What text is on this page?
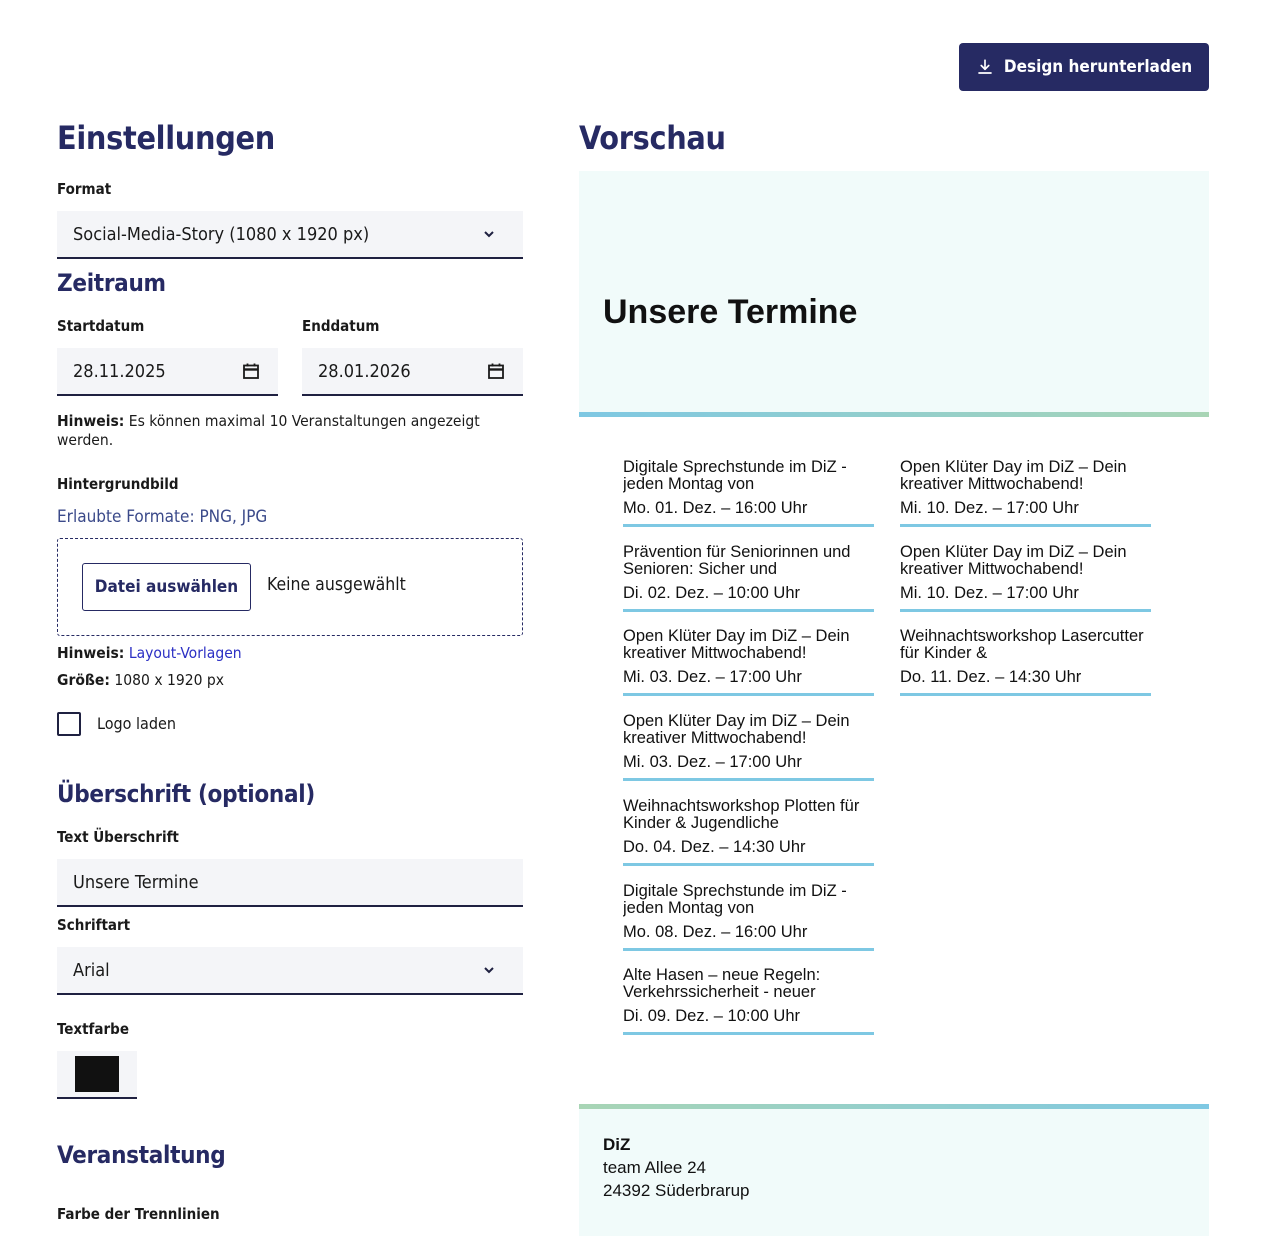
Design herunterladen
Einstellungen
Format
Social-Media-Story (1080 x 1920 px)
Zeitraum
Startdatum
28.11.2025
Enddatum
28.01.2026
Hinweis: Es können maximal 10 Veranstaltungen angezeigt werden.
Hintergrundbild
Erlaubte Formate: PNG, JPG
Datei auswählen	Keine ausgewählt
Hinweis: Layout-Vorlagen
Größe: 1080 x 1920 px
Logo laden
Überschrift (optional)
Text Überschrift
Unsere Termine
Schriftart
Arial
Textfarbe
Veranstaltung
Farbe der Trennlinien
Vorschau
Unsere Termine
Digitale Sprechstunde im DiZ - jeden Montag von
Mo. 01. Dez. – 16:00 Uhr
Prävention für Seniorinnen und Senioren: Sicher und
Di. 02. Dez. – 10:00 Uhr
Open Klüter Day im DiZ – Dein kreativer Mittwochabend!
Mi. 03. Dez. – 17:00 Uhr
Open Klüter Day im DiZ – Dein kreativer Mittwochabend!
Mi. 03. Dez. – 17:00 Uhr
Weihnachtsworkshop Plotten für Kinder & Jugendliche
Do. 04. Dez. – 14:30 Uhr
Digitale Sprechstunde im DiZ - jeden Montag von
Mo. 08. Dez. – 16:00 Uhr
Alte Hasen – neue Regeln: Verkehrssicherheit - neuer
Di. 09. Dez. – 10:00 Uhr
Open Klüter Day im DiZ – Dein kreativer Mittwochabend!
Mi. 10. Dez. – 17:00 Uhr
Open Klüter Day im DiZ – Dein kreativer Mittwochabend!
Mi. 10. Dez. – 17:00 Uhr
Weihnachtsworkshop Lasercutter für Kinder &
Do. 11. Dez. – 14:30 Uhr
DiZ
team Allee 24
24392 Süderbrarup
